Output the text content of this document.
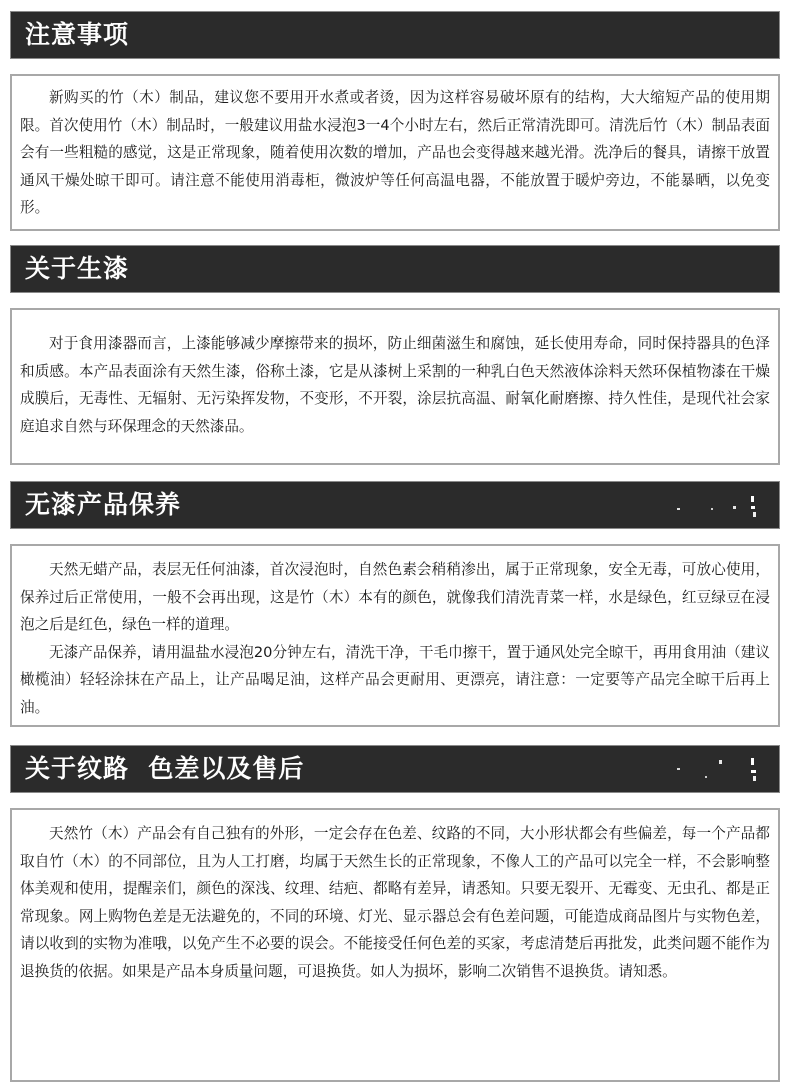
注意事项

新购买的竹（木）制品，建议您不要用开水煮或者烫，因为这样容易破坏原有的结构，大大缩短产品的使用期限。首次使用竹（木）制品时，一般建议用盐水浸泡3一4个小时左右，然后正常清洗即可。清洗后竹（木）制品表面会有一些粗糙的感觉，这是正常现象，随着使用次数的增加，产品也会变得越来越光滑。洗净后的餐具，请擦干放置通风干燥处晾干即可。请注意不能使用消毒柜，微波炉等任何高温电器，不能放置于暖炉旁边，不能暴晒，以免变形。

关于生漆

对于食用漆器而言，上漆能够减少摩擦带来的损坏，防止细菌滋生和腐蚀，延长使用寿命，同时保持器具的色泽和质感。本产品表面涂有天然生漆，俗称土漆，它是从漆树上采割的一种乳白色天然液体涂料天然环保植物漆在干燥成膜后，无毒性、无辐射、无污染挥发物，不变形，不开裂，涂层抗高温、耐氧化耐磨擦、持久性佳，是现代社会家庭追求自然与环保理念的天然漆品。

无漆产品保养

天然无蜡产品，表层无任何油漆，首次浸泡时，自然色素会稍稍渗出，属于正常现象，安全无毒，可放心使用，保养过后正常使用，一般不会再出现，这是竹（木）本有的颜色，就像我们清洗青菜一样，水是绿色，红豆绿豆在浸泡之后是红色，绿色一样的道理。

无漆产品保养，请用温盐水浸泡20分钟左右，清洗干净，干毛巾擦干，置于通风处完全晾干，再用食用油（建议橄榄油）轻轻涂抹在产品上，让产品喝足油，这样产品会更耐用、更漂亮，请注意：一定要等产品完全晾干后再上油。

关于纹路  色差以及售后

天然竹（木）产品会有自己独有的外形，一定会存在色差、纹路的不同，大小形状都会有些偏差，每一个产品都取自竹（木）的不同部位，且为人工打磨，均属于天然生长的正常现象，不像人工的产品可以完全一样，不会影响整体美观和使用，提醒亲们，颜色的深浅、纹理、结疤、都略有差异，请悉知。只要无裂开、无霉变、无虫孔、都是正常现象。网上购物色差是无法避免的，不同的环境、灯光、显示器总会有色差问题，可能造成商品图片与实物色差，请以收到的实物为准哦，以免产生不必要的误会。不能接受任何色差的买家，考虑清楚后再批发，此类问题不能作为退换货的依据。如果是产品本身质量问题，可退换货。如人为损坏，影响二次销售不退换货。请知悉。
